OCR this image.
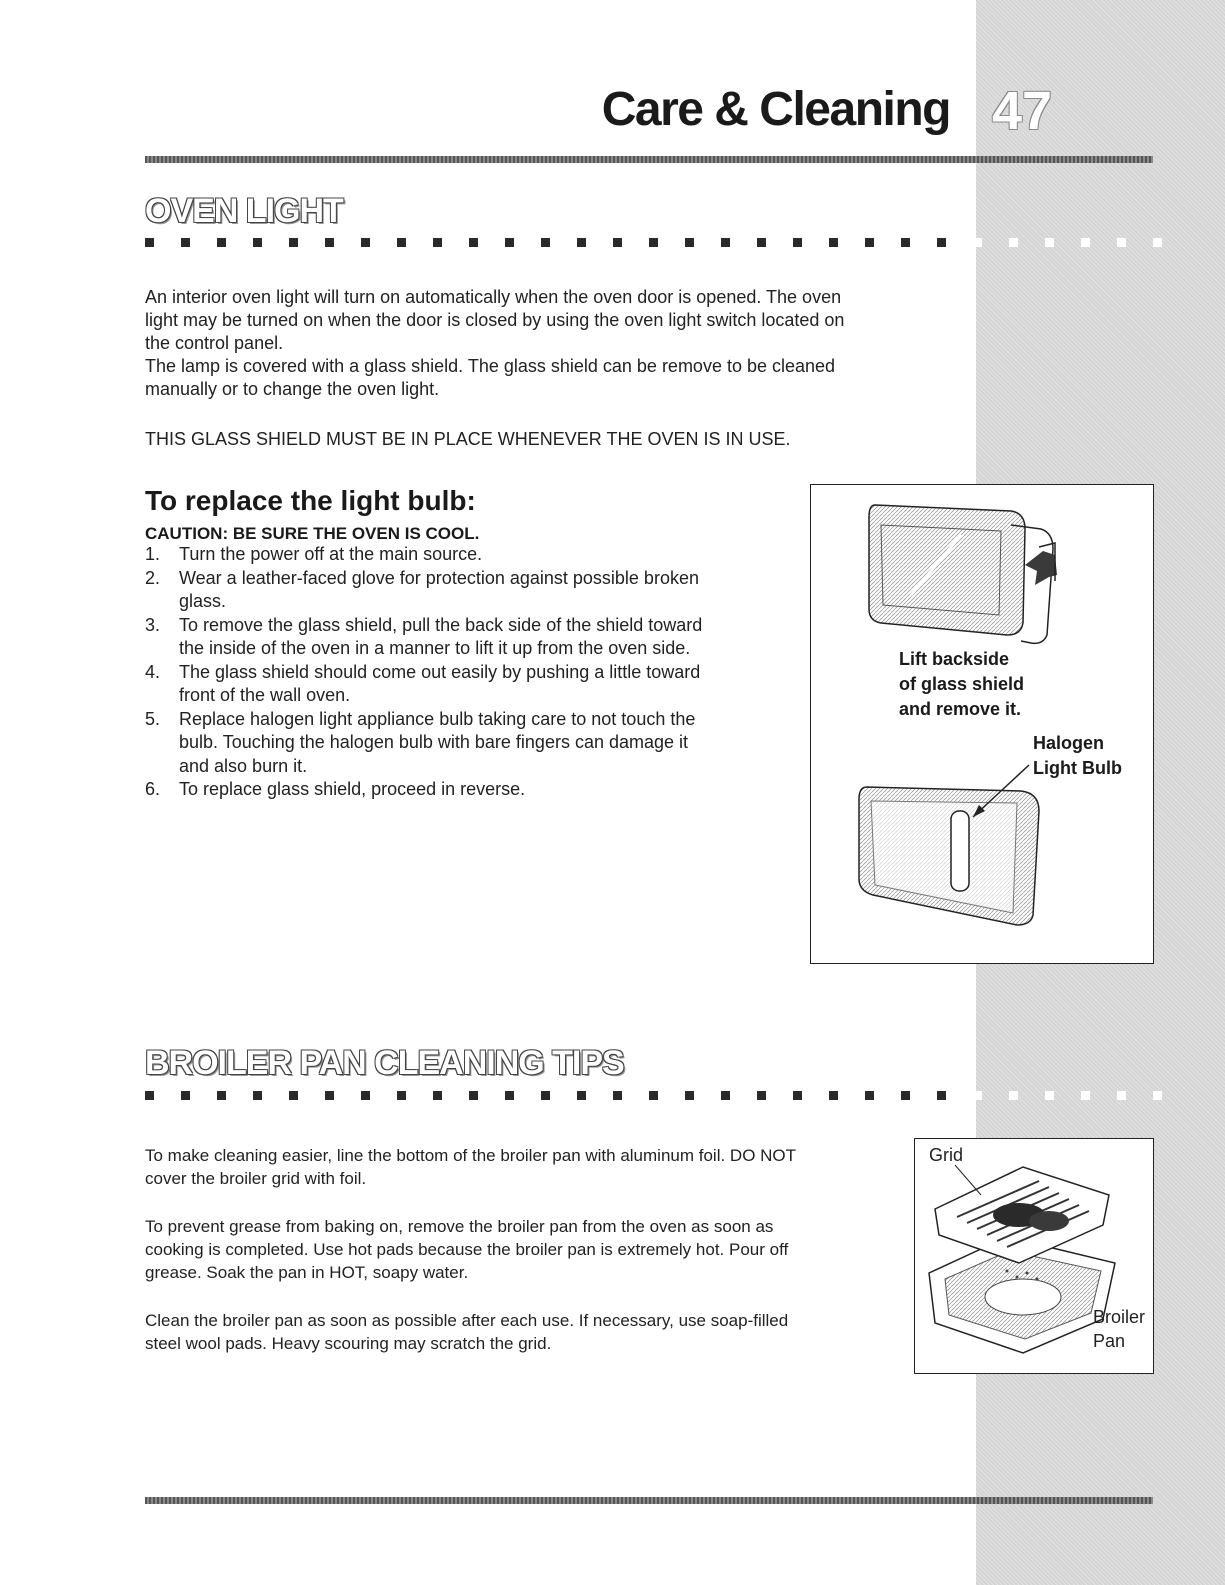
Care & Cleaning 47
OVEN LIGHT
An interior oven light will turn on automatically when the oven door is opened. The oven
light may be turned on when the door is closed by using the oven light switch located on
the control panel.
The lamp is covered with a glass shield. The glass shield can be remove to be cleaned
manually or to change the oven light.
THIS GLASS SHIELD MUST BE IN PLACE WHENEVER THE OVEN IS IN USE.
To replace the light bulb:
CAUTION: BE SURE THE OVEN IS COOL.
1. Turn the power off at the main source.
2. Wear a leather-faced glove for protection against possible broken
glass.
3. To remove the glass shield, pull the back side of the shield toward
the inside of the oven in a manner to lift it up from the oven side.
4. The glass shield should come out easily by pushing a little toward
front of the wall oven.
5. Replace halogen light appliance bulb taking care to not touch the
bulb. Touching the halogen bulb with bare fingers can damage it
and also burn it.
6. To replace glass shield, proceed in reverse.
Lift backside
of glass shield
and remove it.
Halogen
Light Bulb
BROILER PAN CLEANING TIPS
To make cleaning easier, line the bottom of the broiler pan with aluminum foil. DO NOT
cover the broiler grid with foil.
To prevent grease from baking on, remove the broiler pan from the oven as soon as
cooking is completed. Use hot pads because the broiler pan is extremely hot. Pour off
grease. Soak the pan in HOT, soapy water.
Clean the broiler pan as soon as possible after each use. If necessary, use soap-filled
steel wool pads. Heavy scouring may scratch the grid.
Grid
Broiler
Pan
